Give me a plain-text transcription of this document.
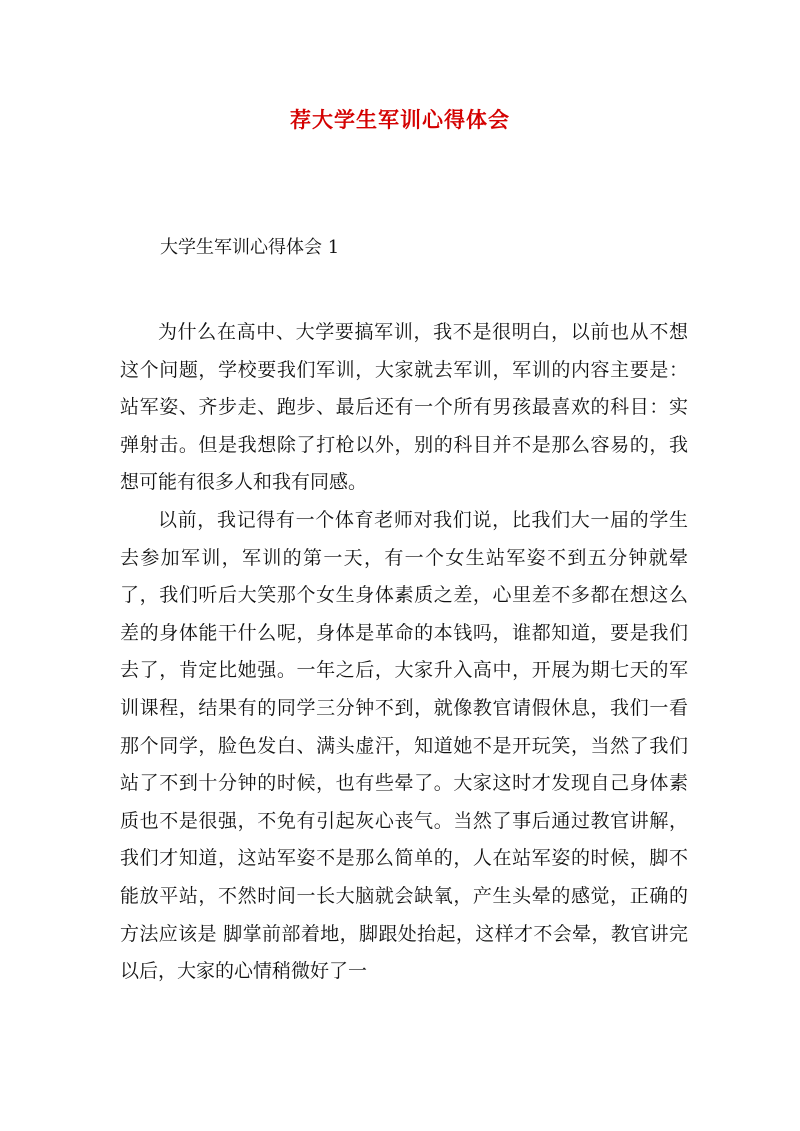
荐大学生军训心得体会
大学生军训心得体会 1

为什么在高中、大学要搞军训，我不是很明白，以前也从不想这个问题，学校要我们军训，大家就去军训，军训的内容主要是：站军姿、齐步走、跑步、最后还有一个所有男孩最喜欢的科目：实弹射击。但是我想除了打枪以外，别的科目并不是那么容易的，我想可能有很多人和我有同感。

以前，我记得有一个体育老师对我们说，比我们大一届的学生去参加军训，军训的第一天，有一个女生站军姿不到五分钟就晕了，我们听后大笑那个女生身体素质之差，心里差不多都在想这么差的身体能干什么呢，身体是革命的本钱吗，谁都知道，要是我们去了，肯定比她强。一年之后，大家升入高中，开展为期七天的军训课程，结果有的同学三分钟不到，就像教官请假休息，我们一看那个同学，脸色发白、满头虚汗，知道她不是开玩笑，当然了我们站了不到十分钟的时候，也有些晕了。大家这时才发现自己身体素质也不是很强，不免有引起灰心丧气。当然了事后通过教官讲解，我们才知道，这站军姿不是那么简单的，人在站军姿的时候，脚不能放平站，不然时间一长大脑就会缺氧，产生头晕的感觉，正确的方法应该是 脚掌前部着地，脚跟处抬起，这样才不会晕，教官讲完以后，大家的心情稍微好了一
